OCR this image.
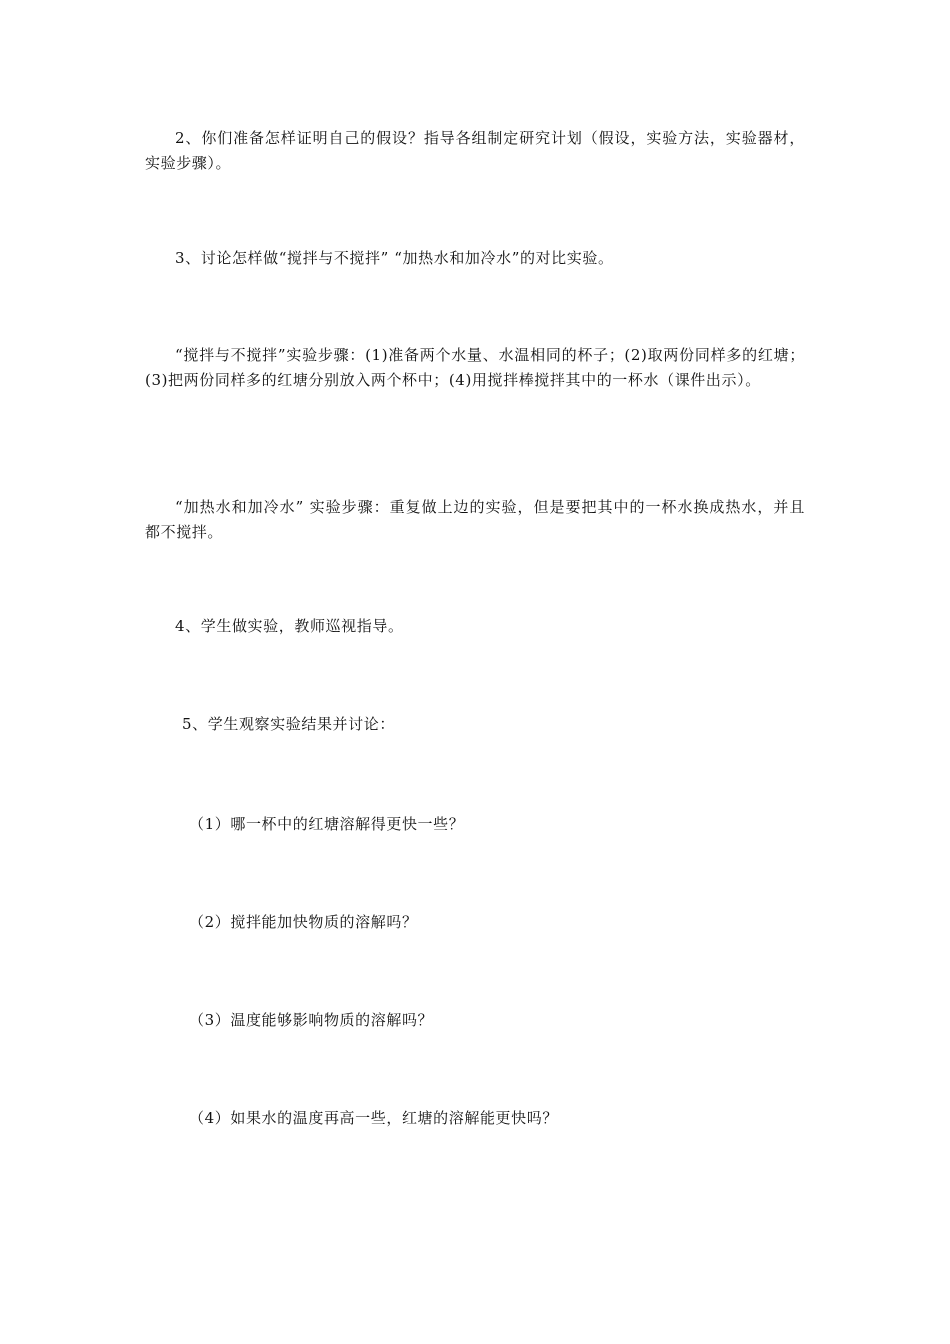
2、你们准备怎样证明自己的假设？指导各组制定研究计划（假设，实验方法，实验器材，实验步骤）。

3、讨论怎样做“搅拌与不搅拌” “加热水和加冷水”的对比实验。

“搅拌与不搅拌”实验步骤：(1)准备两个水量、水温相同的杯子；(2)取两份同样多的红塘；(3)把两份同样多的红塘分别放入两个杯中；(4)用搅拌棒搅拌其中的一杯水（课件出示）。

“加热水和加冷水” 实验步骤：重复做上边的实验，但是要把其中的一杯水换成热水，并且都不搅拌。

4、学生做实验，教师巡视指导。

5、学生观察实验结果并讨论：

（1）哪一杯中的红塘溶解得更快一些？

（2）搅拌能加快物质的溶解吗？

（3）温度能够影响物质的溶解吗？

（4）如果水的温度再高一些，红塘的溶解能更快吗？
